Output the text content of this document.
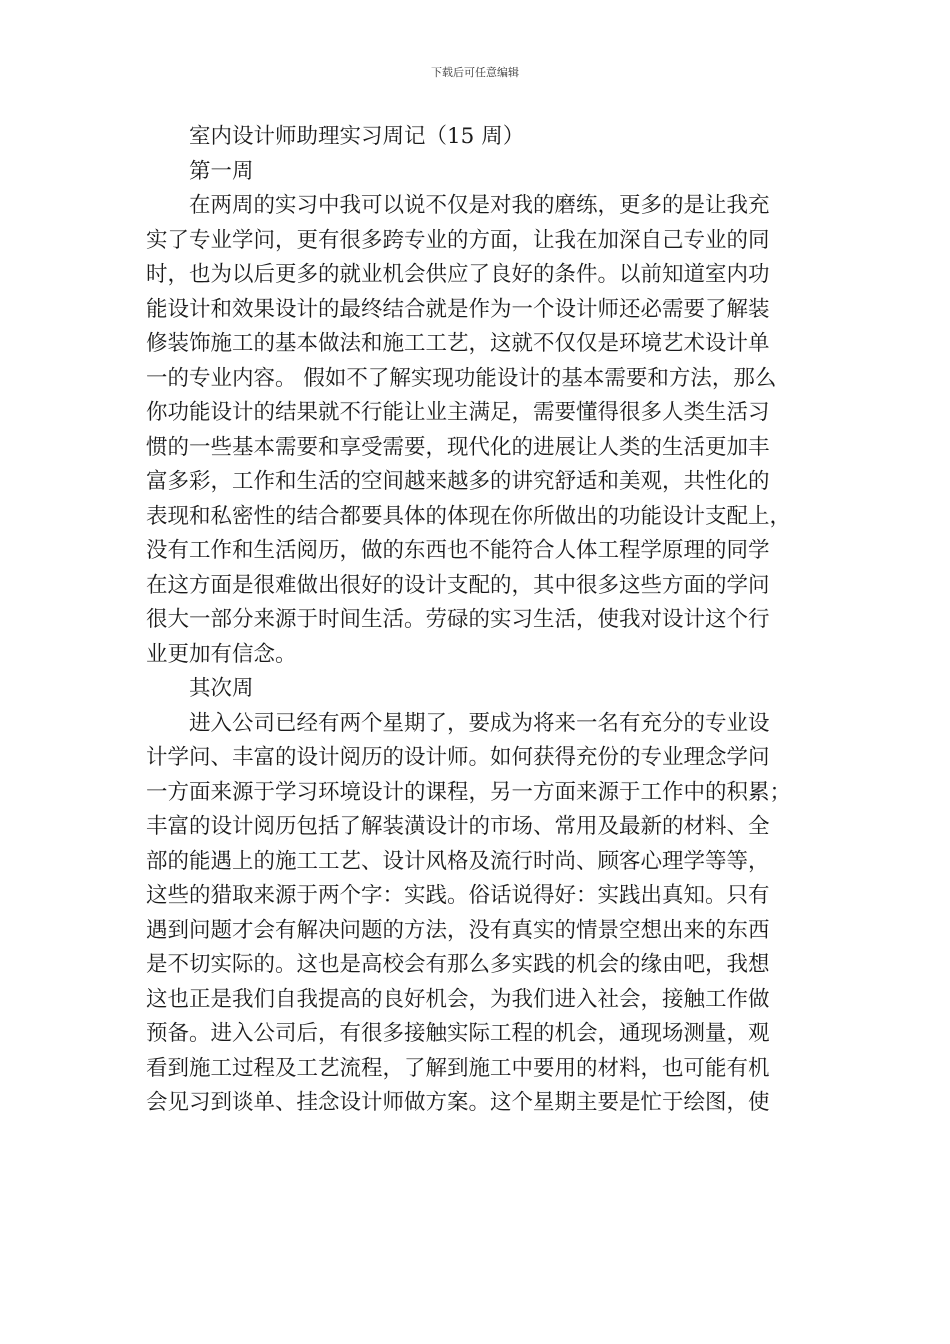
下载后可任意编辑
室内设计师助理实习周记（15 周）
第一周
在两周的实习中我可以说不仅是对我的磨练，更多的是让我充
实了专业学问，更有很多跨专业的方面，让我在加深自己专业的同
时，也为以后更多的就业机会供应了良好的条件。以前知道室内功
能设计和效果设计的最终结合就是作为一个设计师还必需要了解装
修装饰施工的基本做法和施工工艺，这就不仅仅是环境艺术设计单
一的专业内容。 假如不了解实现功能设计的基本需要和方法，那么
你功能设计的结果就不行能让业主满足，需要懂得很多人类生活习
惯的一些基本需要和享受需要，现代化的进展让人类的生活更加丰
富多彩，工作和生活的空间越来越多的讲究舒适和美观，共性化的
表现和私密性的结合都要具体的体现在你所做出的功能设计支配上，
没有工作和生活阅历，做的东西也不能符合人体工程学原理的同学
在这方面是很难做出很好的设计支配的，其中很多这些方面的学问
很大一部分来源于时间生活。劳碌的实习生活，使我对设计这个行
业更加有信念。
其次周
进入公司已经有两个星期了，要成为将来一名有充分的专业设
计学问、丰富的设计阅历的设计师。如何获得充份的专业理念学问
一方面来源于学习环境设计的课程，另一方面来源于工作中的积累；
丰富的设计阅历包括了解装潢设计的市场、常用及最新的材料、全
部的能遇上的施工工艺、设计风格及流行时尚、顾客心理学等等，
这些的猎取来源于两个字：实践。俗话说得好：实践出真知。只有
遇到问题才会有解决问题的方法，没有真实的情景空想出来的东西
是不切实际的。这也是高校会有那么多实践的机会的缘由吧，我想
这也正是我们自我提高的良好机会，为我们进入社会，接触工作做
预备。进入公司后，有很多接触实际工程的机会，通现场测量，观
看到施工过程及工艺流程，了解到施工中要用的材料，也可能有机
会见习到谈单、挂念设计师做方案。这个星期主要是忙于绘图，使
